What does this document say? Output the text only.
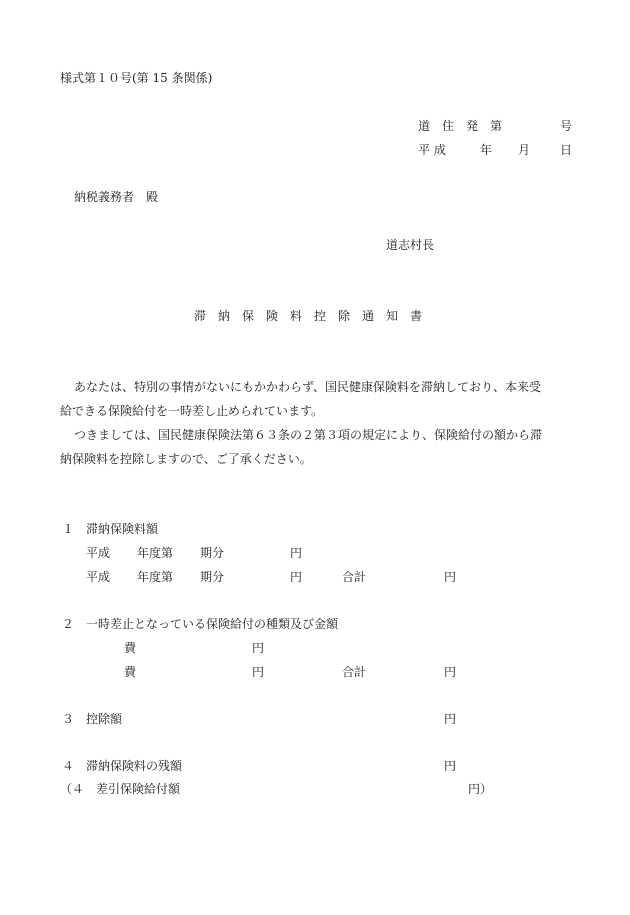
様式第１０号(第 15 条関係)
道　住　発　第	号
平 成	年 月 日
納税義務者　殿
道志村長
滞　納　保　険　料　控　除　通　知　書
あなたは、特別の事情がないにもかかわらず、国民健康保険料を滞納しており、本来受
給できる保険給付を一時差し止められています。
つきましては、国民健康保険法第６３条の２第３項の規定により、保険給付の額から滞
納保険料を控除しますので、ご了承ください。
１　滞納保険料額
平成 年度第 期分	円
平成 年度第 期分	円	合計	円
２　一時差止となっている保険給付の種類及び金額
費	円
費	円	合計	円
３　控除額	円
４　滞納保険料の残額	円
（４　差引保険給付額	円）
